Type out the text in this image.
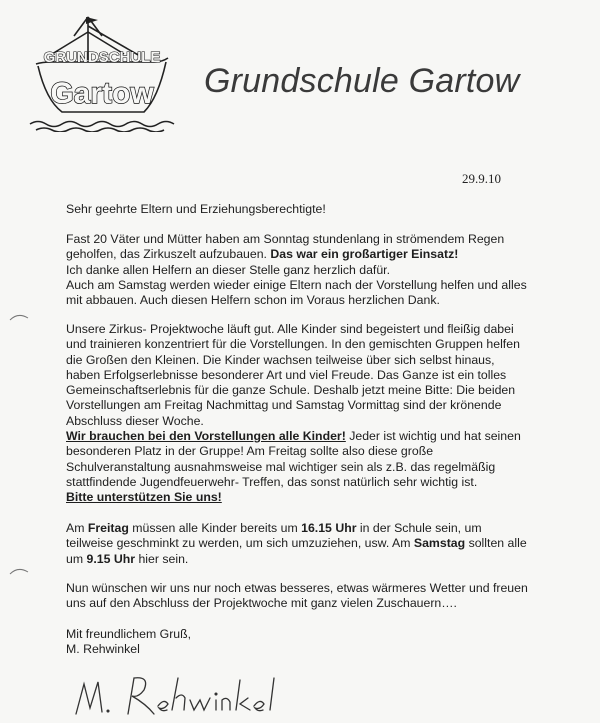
GRUNDSCHULE
Gartow Grundschule Gartow
29.9.10
Sehr geehrte Eltern und Erziehungsberechtigte!
Fast 20 Väter und Mütter haben am Sonntag stundenlang in strömendem Regen
geholfen, das Zirkuszelt aufzubauen. Das war ein großartiger Einsatz!
Ich danke allen Helfern an dieser Stelle ganz herzlich dafür.
Auch am Samstag werden wieder einige Eltern nach der Vorstellung helfen und alles
mit abbauen. Auch diesen Helfern schon im Voraus herzlichen Dank.
Unsere Zirkus- Projektwoche läuft gut. Alle Kinder sind begeistert und fleißig dabei
und trainieren konzentriert für die Vorstellungen. In den gemischten Gruppen helfen
die Großen den Kleinen. Die Kinder wachsen teilweise über sich selbst hinaus,
haben Erfolgserlebnisse besonderer Art und viel Freude. Das Ganze ist ein tolles
Gemeinschaftserlebnis für die ganze Schule. Deshalb jetzt meine Bitte: Die beiden
Vorstellungen am Freitag Nachmittag und Samstag Vormittag sind der krönende
Abschluss dieser Woche.
Wir brauchen bei den Vorstellungen alle Kinder! Jeder ist wichtig und hat seinen
besonderen Platz in der Gruppe! Am Freitag sollte also diese große
Schulveranstaltung ausnahmsweise mal wichtiger sein als z.B. das regelmäßig
stattfindende Jugendfeuerwehr- Treffen, das sonst natürlich sehr wichtig ist.
Bitte unterstützen Sie uns!
Am Freitag müssen alle Kinder bereits um 16.15 Uhr in der Schule sein, um
teilweise geschminkt zu werden, um sich umzuziehen, usw. Am Samstag sollten alle
um 9.15 Uhr hier sein.
Nun wünschen wir uns nur noch etwas besseres, etwas wärmeres Wetter und freuen
uns auf den Abschluss der Projektwoche mit ganz vielen Zuschauern….
Mit freundlichem Gruß,
M. Rehwinkel
